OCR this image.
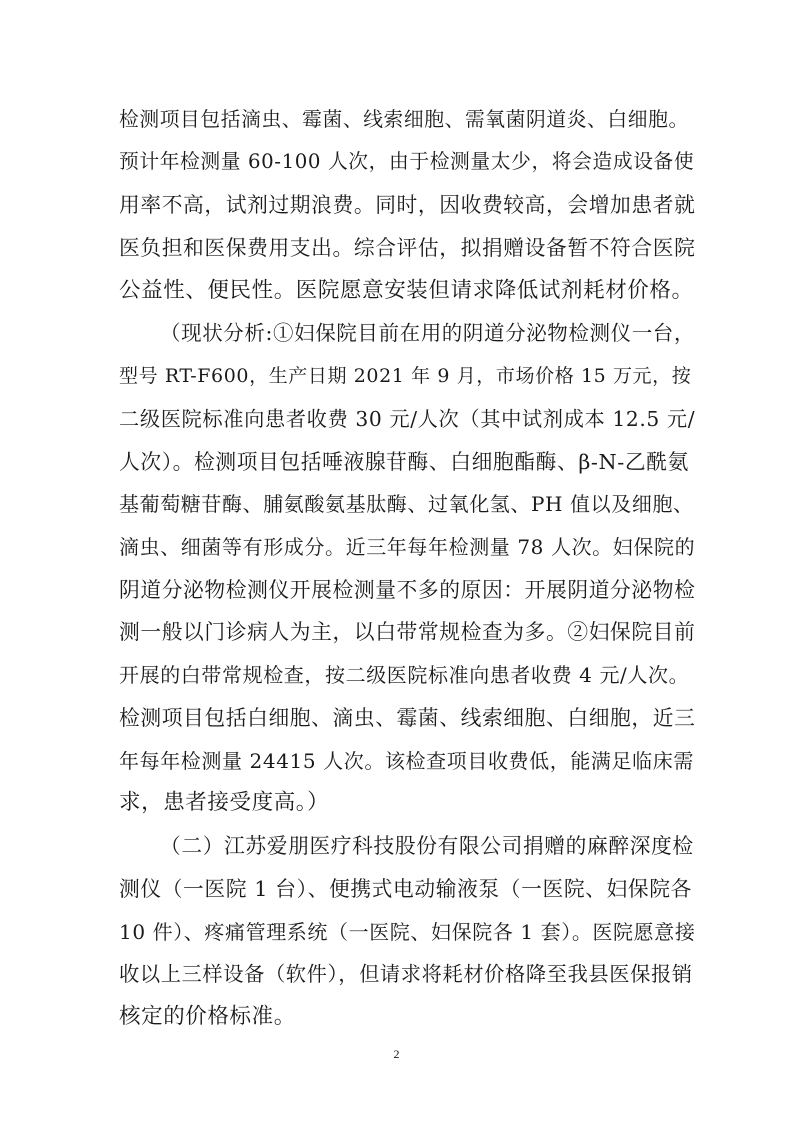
检测项目包括滴虫、霉菌、线索细胞、需氧菌阴道炎、白细胞。
预计年检测量 60-100 人次，由于检测量太少，将会造成设备使
用率不高，试剂过期浪费。同时，因收费较高，会增加患者就
医负担和医保费用支出。综合评估，拟捐赠设备暂不符合医院
公益性、便民性。医院愿意安装但请求降低试剂耗材价格。
（现状分析:①妇保院目前在用的阴道分泌物检测仪一台，
型号 RT-F600，生产日期 2021 年 9 月，市场价格 15 万元，按
二级医院标准向患者收费 30 元/人次（其中试剂成本 12.5 元/
人次）。检测项目包括唾液腺苷酶、白细胞酯酶、β-N-乙酰氨
基葡萄糖苷酶、脯氨酸氨基肽酶、过氧化氢、PH 值以及细胞、
滴虫、细菌等有形成分。近三年每年检测量 78 人次。妇保院的
阴道分泌物检测仪开展检测量不多的原因：开展阴道分泌物检
测一般以门诊病人为主，以白带常规检查为多。②妇保院目前
开展的白带常规检查，按二级医院标准向患者收费 4 元/人次。
检测项目包括白细胞、滴虫、霉菌、线索细胞、白细胞，近三
年每年检测量 24415 人次。该检查项目收费低，能满足临床需
求，患者接受度高。）
（二）江苏爱朋医疗科技股份有限公司捐赠的麻醉深度检
测仪（一医院 1 台）、便携式电动输液泵（一医院、妇保院各
10 件）、疼痛管理系统（一医院、妇保院各 1 套）。医院愿意接
收以上三样设备（软件），但请求将耗材价格降至我县医保报销
核定的价格标准。
2
